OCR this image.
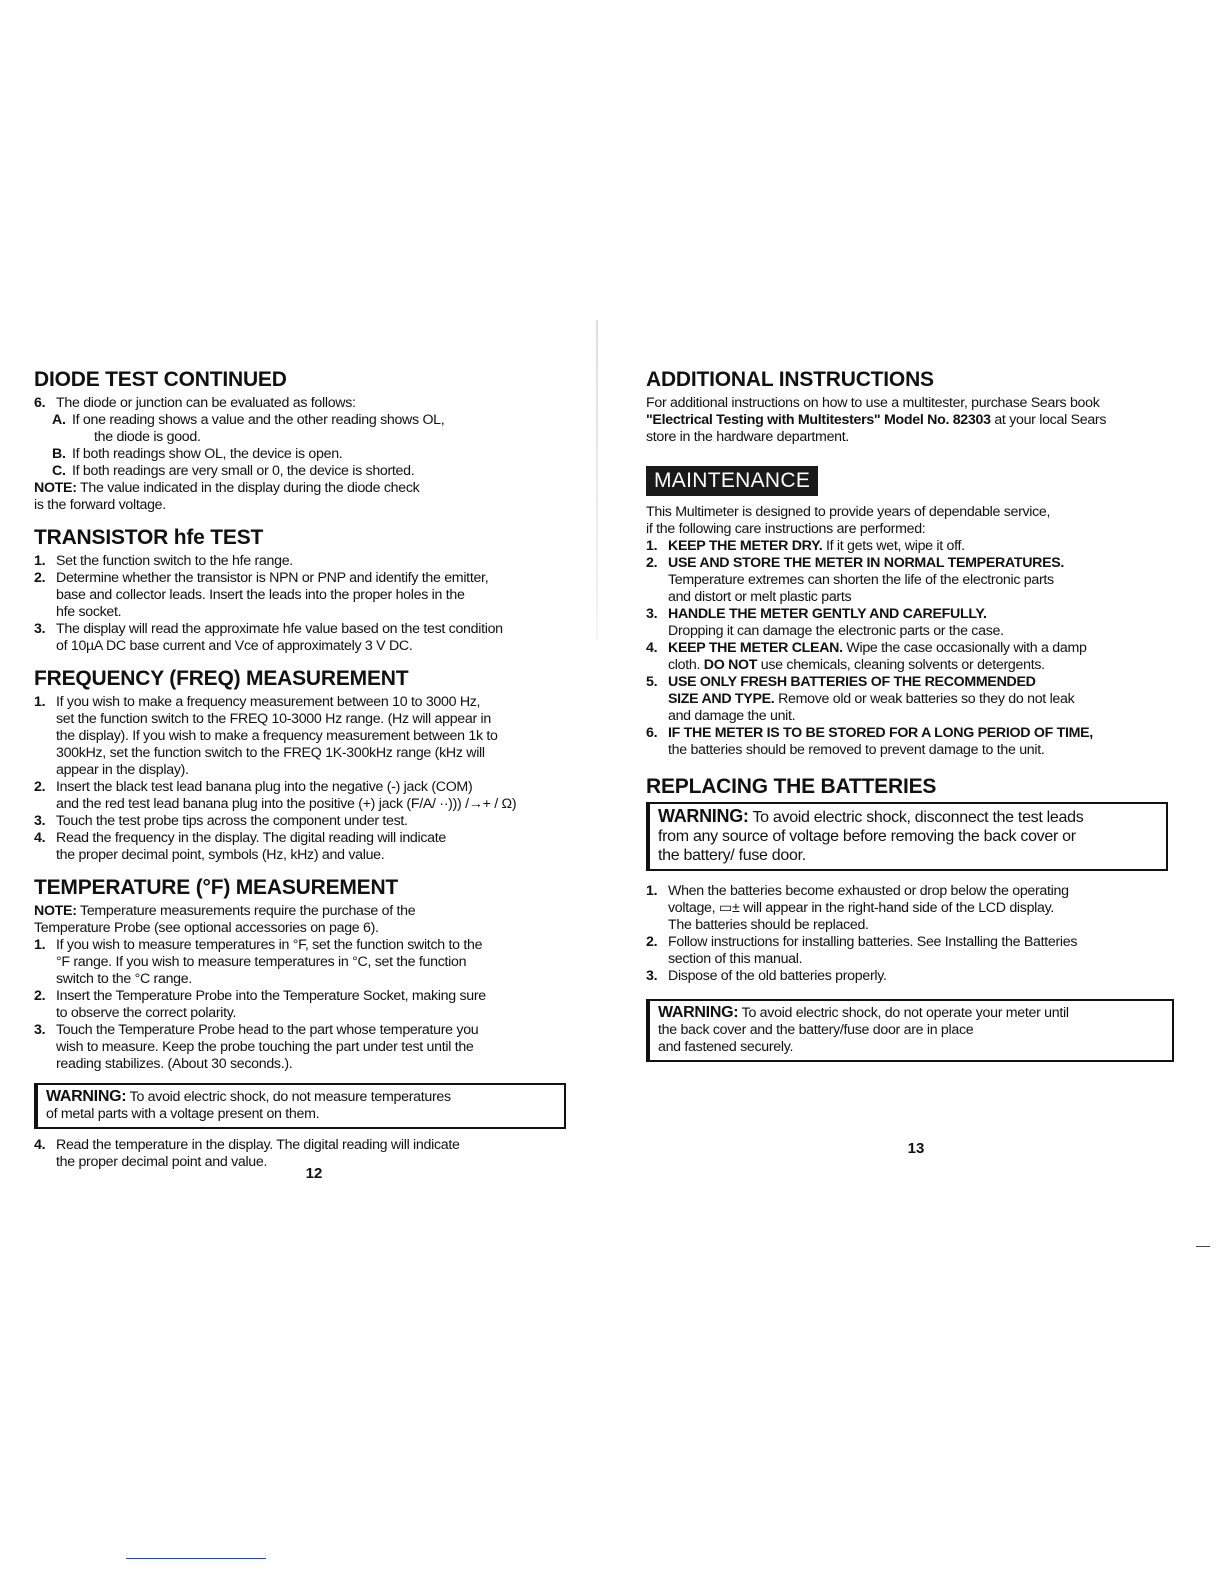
DIODE TEST CONTINUED
6. The diode or junction can be evaluated as follows:
A. If one reading shows a value and the other reading shows OL,
the diode is good.
B. If both readings show OL, the device is open.
C. If both readings are very small or 0, the device is shorted.

NOTE: The value indicated in the display during the diode check

is the forward voltage.

TRANSISTOR hfe TEST
1. Set the function switch to the hfe range.
2. Determine whether the transistor is NPN or PNP and identify the emitter,
base and collector leads. Insert the leads into the proper holes in the
hfe socket.
3. The display will read the approximate hfe value based on the test condition
of 10µA DC base current and Vce of approximately 3 V DC.
FREQUENCY (FREQ) MEASUREMENT
1. If you wish to make a frequency measurement between 10 to 3000 Hz,
set the function switch to the FREQ 10-3000 Hz range. (Hz will appear in
the display). If you wish to make a frequency measurement between 1k to
300kHz, set the function switch to the FREQ 1K-300kHz range (kHz will
appear in the display).
2. Insert the black test lead banana plug into the negative (-) jack (COM)
and the red test lead banana plug into the positive (+) jack (F/A/ ··))) /→+ / Ω)
3. Touch the test probe tips across the component under test.
4. Read the frequency in the display. The digital reading will indicate
the proper decimal point, symbols (Hz, kHz) and value.
TEMPERATURE (°F) MEASUREMENT

NOTE: Temperature measurements require the purchase of the

Temperature Probe (see optional accessories on page 6).

1. If you wish to measure temperatures in °F, set the function switch to the
°F range. If you wish to measure temperatures in °C, set the function
switch to the °C range.
2. Insert the Temperature Probe into the Temperature Socket, making sure
to observe the correct polarity.
3. Touch the Temperature Probe head to the part whose temperature you
wish to measure. Keep the probe touching the part under test until the
reading stabilizes. (About 30 seconds.).
WARNING: To avoid electric shock, do not measure temperatures
of metal parts with a voltage present on them.
4. Read the temperature in the display. The digital reading will indicate
the proper decimal point and value.
12
ADDITIONAL INSTRUCTIONS

For additional instructions on how to use a multitester, purchase Sears book

"Electrical Testing with Multitesters" Model No. 82303 at your local Sears

store in the hardware department.

MAINTENANCE

This Multimeter is designed to provide years of dependable service,

if the following care instructions are performed:

1. KEEP THE METER DRY. If it gets wet, wipe it off.
2. USE AND STORE THE METER IN NORMAL TEMPERATURES.
Temperature extremes can shorten the life of the electronic parts
and distort or melt plastic parts
3. HANDLE THE METER GENTLY AND CAREFULLY.
Dropping it can damage the electronic parts or the case.
4. KEEP THE METER CLEAN. Wipe the case occasionally with a damp
cloth. DO NOT use chemicals, cleaning solvents or detergents.
5. USE ONLY FRESH BATTERIES OF THE RECOMMENDED
SIZE AND TYPE. Remove old or weak batteries so they do not leak
and damage the unit.
6. IF THE METER IS TO BE STORED FOR A LONG PERIOD OF TIME,
the batteries should be removed to prevent damage to the unit.
REPLACING THE BATTERIES
WARNING: To avoid electric shock, disconnect the test leads
from any source of voltage before removing the back cover or
the battery/ fuse door.
1. When the batteries become exhausted or drop below the operating
voltage, ▭± will appear in the right-hand side of the LCD display.
The batteries should be replaced.
2. Follow instructions for installing batteries. See Installing the Batteries
section of this manual.
3. Dispose of the old batteries properly.
WARNING: To avoid electric shock, do not operate your meter until
the back cover and the battery/fuse door are in place
and fastened securely.
13
